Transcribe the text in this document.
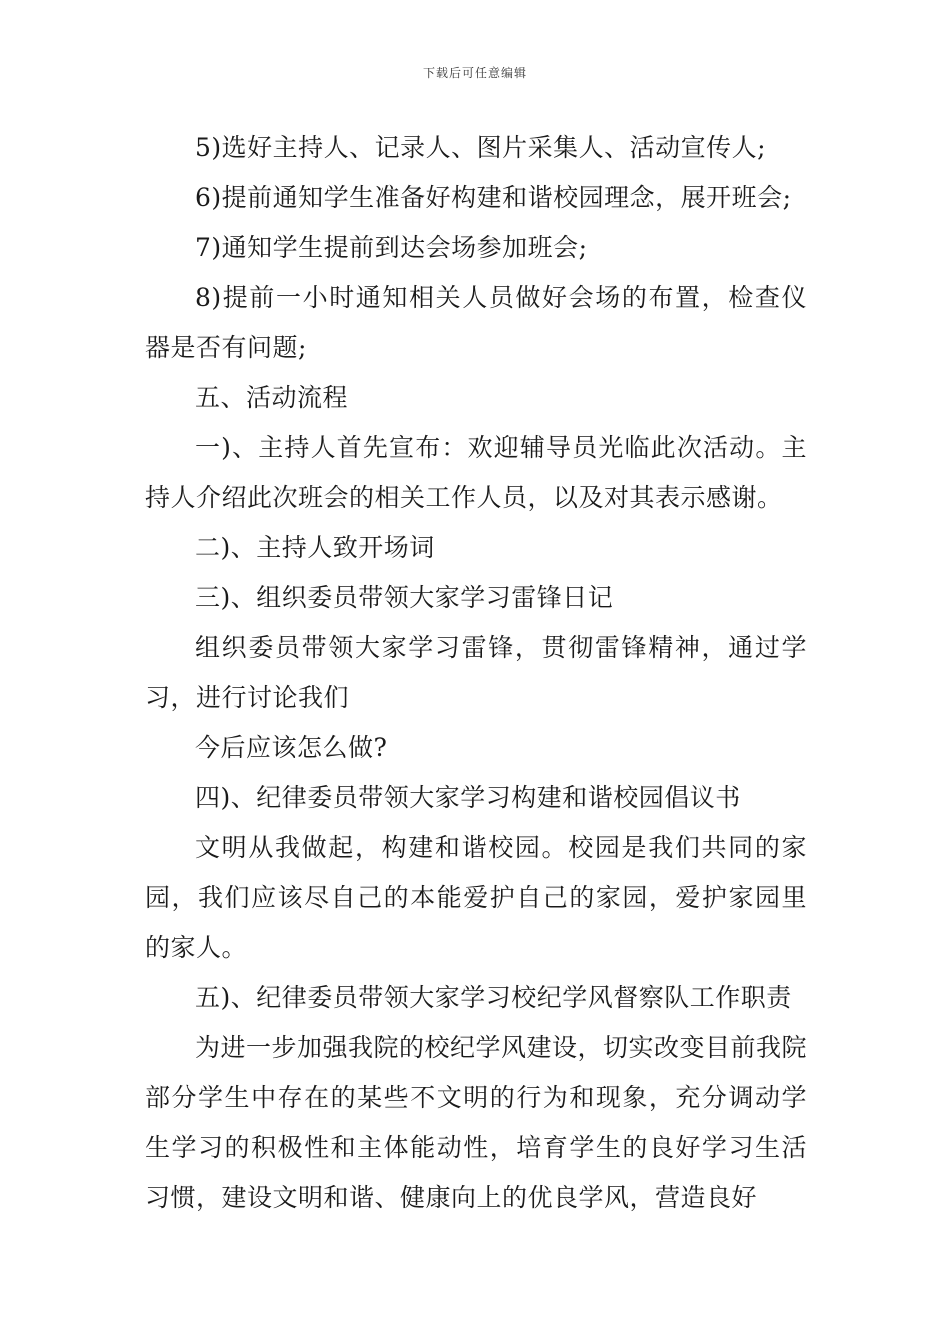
下载后可任意编辑

5)选好主持人、记录人、图片采集人、活动宣传人;

6)提前通知学生准备好构建和谐校园理念，展开班会;

7)通知学生提前到达会场参加班会;

8)提前一小时通知相关人员做好会场的布置，检查仪器是否有问题;

五、活动流程

一)、主持人首先宣布：欢迎辅导员光临此次活动。主持人介绍此次班会的相关工作人员，以及对其表示感谢。

二)、主持人致开场词

三)、组织委员带领大家学习雷锋日记

组织委员带领大家学习雷锋，贯彻雷锋精神，通过学习，进行讨论我们

今后应该怎么做?

四)、纪律委员带领大家学习构建和谐校园倡议书

文明从我做起，构建和谐校园。校园是我们共同的家园，我们应该尽自己的本能爱护自己的家园，爱护家园里的家人。

五)、纪律委员带领大家学习校纪学风督察队工作职责

为进一步加强我院的校纪学风建设，切实改变目前我院部分学生中存在的某些不文明的行为和现象，充分调动学生学习的积极性和主体能动性，培育学生的良好学习生活习惯，建设文明和谐、健康向上的优良学风，营造良好
